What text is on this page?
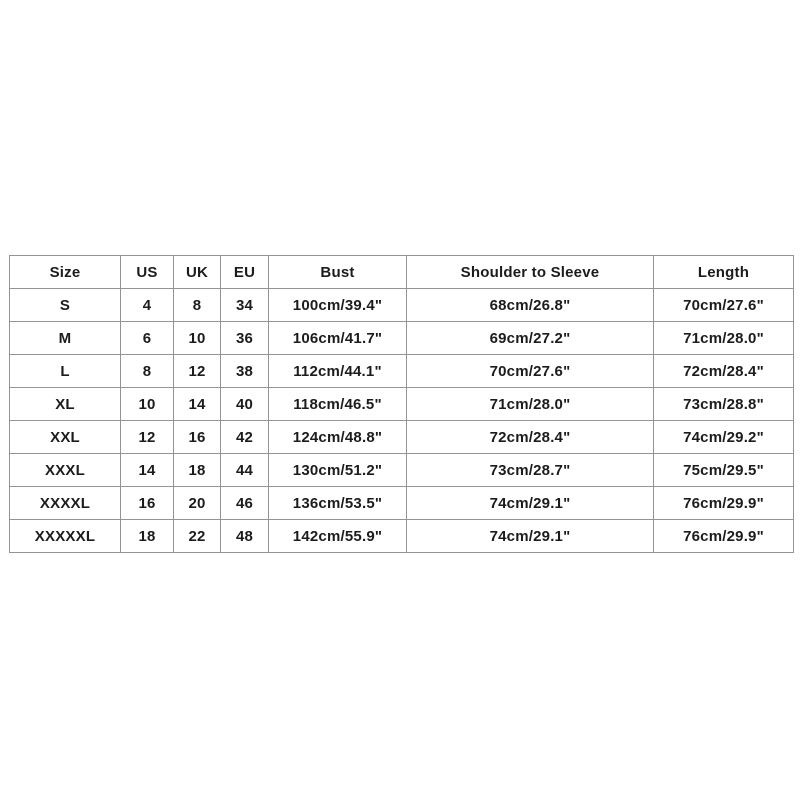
Size	US	UK	EU	Bust	Shoulder to Sleeve	Length
S	4	8	34	100cm/39.4"	68cm/26.8"	70cm/27.6"
M	6	10	36	106cm/41.7"	69cm/27.2"	71cm/28.0"
L	8	12	38	112cm/44.1"	70cm/27.6"	72cm/28.4"
XL	10	14	40	118cm/46.5"	71cm/28.0"	73cm/28.8"
XXL	12	16	42	124cm/48.8"	72cm/28.4"	74cm/29.2"
XXXL	14	18	44	130cm/51.2"	73cm/28.7"	75cm/29.5"
XXXXL	16	20	46	136cm/53.5"	74cm/29.1"	76cm/29.9"
XXXXXL	18	22	48	142cm/55.9"	74cm/29.1"	76cm/29.9"
